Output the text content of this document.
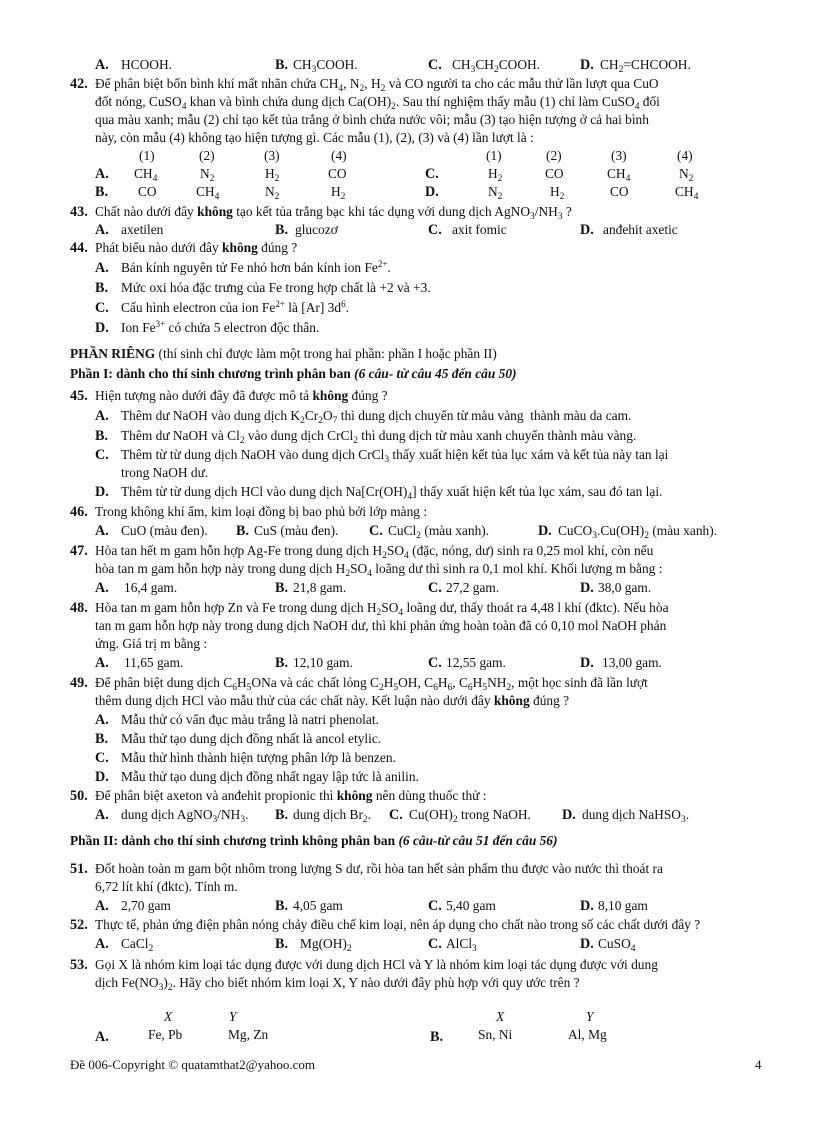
A. HCOOH.	B. $CH_3COOH$.	C. $CH_3CH_2COOH$.	D. $CH_2=CHCOOH$.
42. Để phân biệt bốn bình khí mất nhãn chứa $CH_4$, $N_2$, $H_2$ và CO người ta cho các mẫu thử lần lượt qua CuO
đốt nóng, CuSO$_4$ khan và bình chứa dung dịch $Ca(OH)_2$. Sau thí nghiệm thấy mẫu (1) chỉ làm CuSO$_4$ đổi
qua màu xanh; mẫu (2) chỉ tạo kết tủa trắng ở bình chứa nước vôi; mẫu (3) tạo hiện tượng ở cả hai bình
này, còn mẫu (4) không tạo hiện tượng gì. Các mẫu (1), (2), (3) và (4) lần lượt là :
(1)	(2)	(3)	(4)	(1)	(2)	(3)	(4)
A. $CH_4$	$N_2$	$H_2$	CO	C.	$H_2$	CO	$CH_4$	$N_2$
B. CO	$CH_4$	$N_2$	$H_2$	D.	$N_2$	$H_2$	CO	$CH_4$
43. Chất nào dưới đây không tạo kết tủa trắng bạc khi tác dụng với dung dịch $AgNO_3/NH_3$ ?
A. axetilen	B. glucozơ	C. axit fomic	D. anđehit axetic
44. Phát biểu nào dưới đây không đúng ?
A. Bán kính nguyên tử Fe nhỏ hơn bán kính ion $Fe^{2+}$.
B. Mức oxi hóa đặc trưng của Fe trong hợp chất là +2 và +3.
C. Cấu hình electron của ion $Fe^{2+}$ là [Ar] $3d^6$.
D. Ion $Fe^{3+}$ có chứa 5 electron độc thân.
PHẦN RIÊNG (thí sinh chỉ được làm một trong hai phần: phần I hoặc phần II)
Phần I: dành cho thí sinh chương trình phân ban (6 câu- từ câu 45 đến câu 50)
45. Hiện tượng nào dưới đây đã được mô tả không đúng ?
A. Thêm dư NaOH vào dung dịch $K_2Cr_2O_7$ thì dung dịch chuyển từ màu vàng  thành màu da cam.
B. Thêm dư NaOH và $Cl_2$ vào dung dịch CrCl$_2$ thì dung dịch từ màu xanh chuyển thành màu vàng.
C. Thêm từ từ dung dịch NaOH vào dung dịch CrCl$_3$ thấy xuất hiện kết tủa lục xám và kết tủa này tan lại
trong NaOH dư.
D. Thêm từ từ dung dịch HCl vào dung dịch $Na[Cr(OH)_4]$ thấy xuất hiện kết tủa lục xám, sau đó tan lại.
46. Trong không khí ẩm, kim loại đồng bị bao phủ bởi lớp màng :
A. CuO (màu đen). B. CuS (màu đen). C. CuCl$_2$ (màu xanh).	D. $CuCO_3.Cu(OH)_2$ (màu xanh).
47. Hòa tan hết m gam hỗn hợp Ag-Fe trong dung dịch $H_2SO_4$ (đặc, nóng, dư) sinh ra 0,25 mol khí, còn nếu
hòa tan m gam hỗn hợp này trong dung dịch $H_2SO_4$ loãng dư thì sinh ra 0,1 mol khí. Khối lượng m bằng :
A. 16,4 gam.	B. 21,8 gam.	C. 27,2 gam.	D. 38,0 gam.
48. Hòa tan m gam hỗn hợp Zn và Fe trong dung dịch $H_2SO_4$ loãng dư, thấy thoát ra 4,48 l khí (đktc). Nếu hòa
tan m gam hỗn hợp này trong dung dịch NaOH dư, thì khi phản ứng hoàn toàn đã có 0,10 mol NaOH phản
ứng. Giá trị m bằng :
A. 11,65 gam.	B. 12,10 gam.	C. 12,55 gam.	D. 13,00 gam.
49. Để phân biệt dung dịch $C_6H_5ONa$ và các chất lỏng $C_2H_5OH$, $C_6H_6$, $C_6H_5NH_2$, một học sinh đã lần lượt
thêm dung dịch HCl vào mẫu thử của các chất này. Kết luận nào dưới đây không đúng ?
A. Mẫu thử có vẩn đục màu trắng là natri phenolat.
B. Mẫu thử tạo dung dịch đồng nhất là ancol etylic.
C. Mẫu thử hình thành hiện tượng phân lớp là benzen.
D. Mẫu thử tạo dung dịch đồng nhất ngay lập tức là anilin.
50. Để phân biệt axeton và anđehit propionic thì không nên dùng thuốc thử :
A. dung dịch $AgNO_3/NH_3$. B. dung dịch $Br_2$. C. $Cu(OH)_2$ trong NaOH. D. dung dịch NaHSO$_3$.
Phần II: dành cho thí sinh chương trình không phân ban (6 câu-từ câu 51 đến câu 56)
51. Đốt hoàn toàn m gam bột nhôm trong lượng S dư, rồi hòa tan hết sản phẩm thu được vào nước thì thoát ra
6,72 lít khí (đktc). Tính m.
A. 2,70 gam	B. 4,05 gam	C. 5,40 gam	D. 8,10 gam
52. Thực tế, phản ứng điện phân nóng chảy điều chế kim loại, nên áp dụng cho chất nào trong số các chất dưới đây ?
A. CaCl$_2$	B. $Mg(OH)_2$	C. AlCl$_3$	D. CuSO$_4$
53. Gọi X là nhóm kim loại tác dụng được với dung dịch HCl và Y là nhóm kim loại tác dụng được với dung
dịch $Fe(NO_3)_2$. Hãy cho biết nhóm kim loại X, Y nào dưới đây phù hợp với quy ước trên ?
X	Y	X	Y
A.	Fe, Pb	Mg, Zn	B.	Sn, Ni	Al, Mg
Đề 006-Copyright © quatamthat2@yahoo.com	4
